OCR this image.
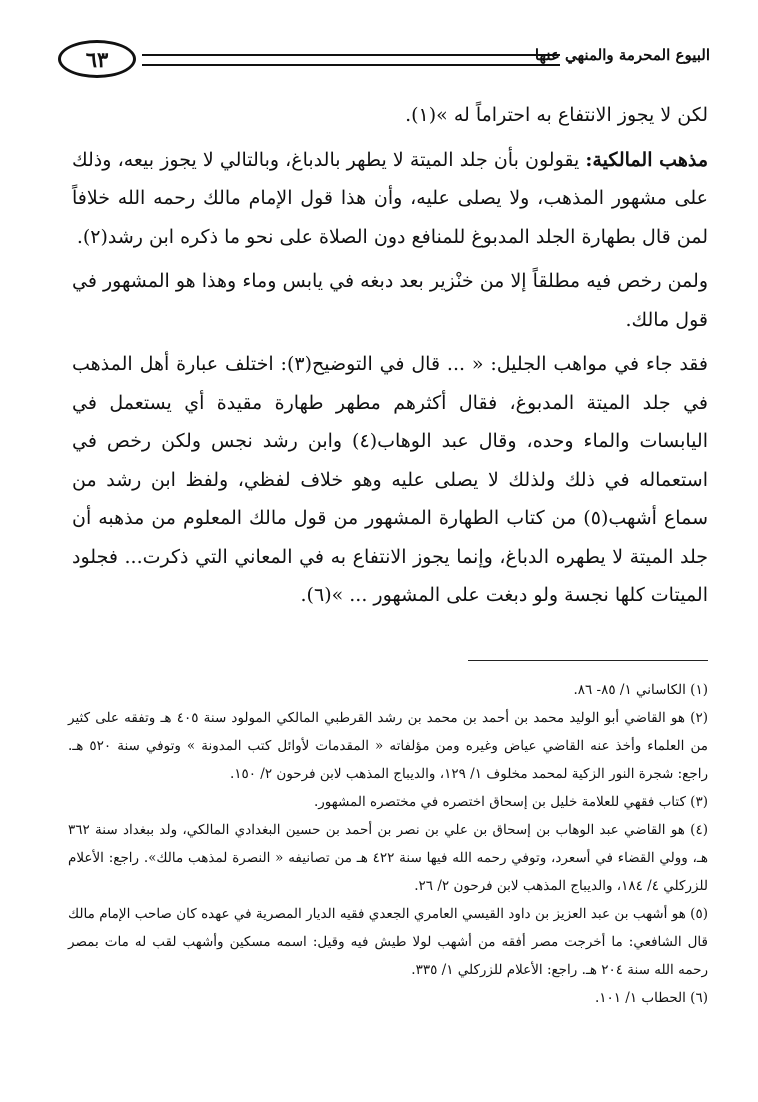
٦٣	البيوع المحرمة والمنهي عنها

لكن لا يجوز الانتفاع به احتراماً له »(١).

مذهب المالكية: يقولون بأن جلد الميتة لا يطهر بالدباغ، وبالتالي لا يجوز بيعه، وذلك على مشهور المذهب، ولا يصلى عليه، وأن هذا قول الإمام مالك رحمه الله خلافاً لمن قال بطهارة الجلد المدبوغ للمنافع دون الصلاة على نحو ما ذكره ابن رشد(٢).

ولمن رخص فيه مطلقاً إلا من خنْزير بعد دبغه في يابس وماء وهذا هو المشهور في قول مالك.

فقد جاء في مواهب الجليل: « ... قال في التوضيح(٣): اختلف عبارة أهل المذهب في جلد الميتة المدبوغ، فقال أكثرهم مطهر طهارة مقيدة أي يستعمل في اليابسات والماء وحده، وقال عبد الوهاب(٤) وابن رشد نجس ولكن رخص في استعماله في ذلك ولذلك لا يصلى عليه وهو خلاف لفظي، ولفظ ابن رشد من سماع أشهب(٥) من كتاب الطهارة المشهور من قول مالك المعلوم من مذهبه أن جلد الميتة لا يطهره الدباغ، وإنما يجوز الانتفاع به في المعاني التي ذكرت... فجلود الميتات كلها نجسة ولو دبغت على المشهور ... »(٦).

(١) الكاساني ١/ ٨٥- ٨٦.

(٢) هو القاضي أبو الوليد محمد بن أحمد بن محمد بن رشد القرطبي المالكي المولود سنة ٤٠٥ هـ وتفقه على كثير من العلماء وأخذ عنه القاضي عياض وغيره ومن مؤلفاته « المقدمات لأوائل كتب المدونة » وتوفي سنة ٥٢٠ هـ. راجع: شجرة النور الزكية لمحمد مخلوف ١/ ١٢٩، والديباج المذهب لابن فرحون ٢/ ١٥٠.

(٣) كتاب فقهي للعلامة خليل بن إسحاق اختصره في مختصره المشهور.

(٤) هو القاضي عبد الوهاب بن إسحاق بن علي بن نصر بن أحمد بن حسين البغدادي المالكي، ولد ببغداد سنة ٣٦٢ هـ، وولي القضاء في أسعرد، وتوفي رحمه الله فيها سنة ٤٢٢ هـ من تصانيفه « النصرة لمذهب مالك». راجع: الأعلام للزركلي ٤/ ١٨٤، والديباج المذهب لابن فرحون ٢/ ٢٦.

(٥) هو أشهب بن عبد العزيز بن داود القيسي العامري الجعدي فقيه الديار المصرية في عهده كان صاحب الإمام مالك قال الشافعي: ما أخرجت مصر أفقه من أشهب لولا طيش فيه وقيل: اسمه مسكين وأشهب لقب له مات بمصر رحمه الله سنة ٢٠٤ هـ. راجع: الأعلام للزركلي ١/ ٣٣٥.

(٦) الحطاب ١/ ١٠١.
